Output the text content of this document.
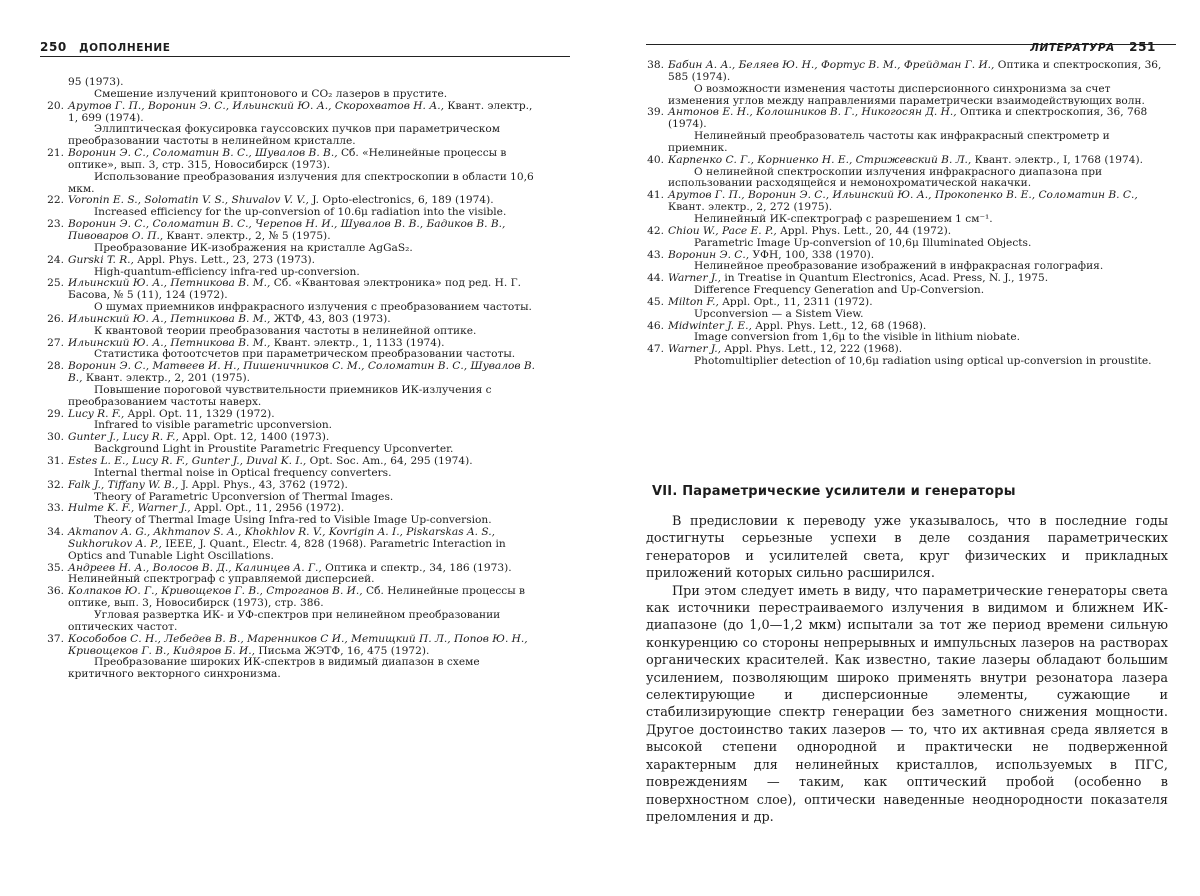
250 ДОПОЛНЕНИЕ
95 (1973).
Смешение излучений криптонового и CO₂ лазеров в прустите.
20. Арутов Г. П., Воронин Э. С., Ильинский Ю. А., Скороxватов Н. А., Квант. электр., 1, 699 (1974).
Эллиптическая фокусировка гауссовских пучков при параметрическом преобразовании частоты в нелинейном кристалле.
21. Воронин Э. С., Соломатин В. С., Шувалов В. В., Сб. «Нелинейные процессы в оптике», вып. 3, стр. 315, Новосибирск (1973).
Использование преобразования излучения для спектроскопии в области 10,6 мкм.
22. Voronin E. S., Solomatin V. S., Shuvalov V. V., J. Opto-electronics, 6, 189 (1974).
Increased efficiency for the up-conversion of 10.6μ radiation into the visible.
23. Воронин Э. С., Соломатин В. С., Черепов Н. И., Шувалов В. В., Бадиков В. В., Пивоваров О. П., Квант. электр., 2, № 5 (1975).
Преобразование ИК-изображения на кристалле AgGaS₂.
24. Gurski T. R., Appl. Phys. Lett., 23, 273 (1973).
High-quantum-efficiency infra-red up-conversion.
25. Ильинский Ю. А., Петникова В. М., Сб. «Квантовая электроника» под ред. Н. Г. Басова, № 5 (11), 124 (1972).
О шумах приемников инфракрасного излучения с преобразованием частоты.
26. Ильинский Ю. А., Петникова В. М., ЖТФ, 43, 803 (1973).
К квантовой теории преобразования частоты в нелинейной оптике.
27. Ильинский Ю. А., Петникова В. М., Квант. электр., 1, 1133 (1974).
Статистика фотоотсчетов при параметрическом преобразовании частоты.
28. Воронин Э. С., Матвеев И. Н., Пишеничников С. М., Соломатин В. С., Шувалов В. В., Квант. электр., 2, 201 (1975).
Повышение пороговой чувствительности приемников ИК-излучения с преобразованием частоты наверх.
29. Lucy R. F., Appl. Opt. 11, 1329 (1972).
Infrared to visible parametric upconversion.
30. Gunter J., Lucy R. F., Appl. Opt. 12, 1400 (1973).
Background Light in Proustite Parametric Frequency Upconverter.
31. Estes L. E., Lucy R. F., Gunter J., Duval K. I., Opt. Soc. Am., 64, 295 (1974).
Internal thermal noise in Optical frequency converters.
32. Falk J., Tiffany W. B., J. Appl. Phys., 43, 3762 (1972).
Theory of Parametric Upconversion of Thermal Images.
33. Hulme K. F., Warner J., Appl. Opt., 11, 2956 (1972).
Theory of Thermal Image Using Infra-red to Visible Image Up-conversion.
34. Akmanov A. G., Akhmanov S. A., Khokhlov R. V., Kovrigin A. I., Piskarskas A. S., Sukhorukov A. P., IEEE, J. Quant., Electr. 4, 828 (1968). Parametric Interaction in Optics and Tunable Light Oscillations.
35. Андреев Н. А., Волосов В. Д., Калинцев А. Г., Оптика и спектр., 34, 186 (1973). Нелинейный спектрограф с управляемой дисперсией.
36. Колпаков Ю. Г., Кривощеков Г. В., Строганов В. И., Сб. Нелинейные процессы в оптике, вып. 3, Новосибирск (1973), стр. 386.
Угловая развертка ИК- и УФ-спектров при нелинейном преобразовании оптических частот.
37. Кособобов С. Н., Лебедев В. В., Маренников С И., Метищкий П. Л., Попов Ю. Н., Кривощеков Г. В., Кидяров Б. И., Письма ЖЭТФ, 16, 475 (1972).
Преобразование широких ИК-спектров в видимый диапазон в схеме критичного векторного синхронизма.
ЛИТЕРАТУРА 251
38. Бабин А. А., Беляев Ю. Н., Фортус В. М., Фрейдман Г. И., Оптика и спектроскопия, 36, 585 (1974).
О возможности изменения частоты дисперсионного синхронизма за счет изменения углов между направлениями параметрически взаимодействующих волн.
39. Антонов Е. Н., Колошников В. Г., Никогосян Д. Н., Оптика и спектроскопия, 36, 768 (1974).
Нелинейный преобразователь частоты как инфракрасный спектрометр и приемник.
40. Карпенко С. Г., Корниенко Н. Е., Стрижевский В. Л., Квант. электр., I, 1768 (1974).
О нелинейной спектроскопии излучения инфракрасного диапазона при использовании расходящейся и немонохроматической накачки.
41. Арутов Г. П., Воронин Э. С., Ильинский Ю. А., Прокопенко В. Е., Соломатин В. С., Квант. электр., 2, 272 (1975).
Нелинейный ИК-спектрограф с разрешением 1 см⁻¹.
42. Chiou W., Pace E. P., Appl. Phys. Lett., 20, 44 (1972).
Parametric Image Up-conversion of 10,6μ Illuminated Objects.
43. Воронин Э. С., УФН, 100, 338 (1970).
Нелинейное преобразование изображений в инфракрасная голография.
44. Warner J., in Treatise in Quantum Electronics, Acad. Press, N. J., 1975.
Difference Frequency Generation and Up-Conversion.
45. Milton F., Appl. Opt., 11, 2311 (1972).
Upconversion — a Sistem View.
46. Midwinter J. E., Appl. Phys. Lett., 12, 68 (1968).
Image conversion from 1,6μ to the visible in lithium niobate.
47. Warner J., Appl. Phys. Lett., 12, 222 (1968).
Photomultiplier detection of 10,6μ radiation using optical up-conversion in proustite.
VII. Параметрические усилители и генераторы

В предисловии к переводу уже указывалось, что в последние годы достигнуты серьезные успехи в деле создания параметрических генераторов и усилителей света, круг физических и прикладных приложений которых сильно расширился.

При этом следует иметь в виду, что параметрические генераторы света как источники перестраиваемого излучения в видимом и ближнем ИК-диапазоне (до 1,0—1,2 мкм) испытали за тот же период времени сильную конкуренцию со стороны непрерывных и импульсных лазеров на растворах органических красителей. Как известно, такие лазеры обладают большим усилением, позволяющим широко применять внутри резонатора лазера селектирующие и дисперсионные элементы, сужающие и стабилизирующие спектр генерации без заметного снижения мощности. Другое достоинство таких лазеров — то, что их активная среда является в высокой степени однородной и практически не подверженной характерным для нелинейных кристаллов, используемых в ПГС, повреждениям — таким, как оптический пробой (особенно в поверхностном слое), оптически наведенные неоднородности показателя преломления и др.
